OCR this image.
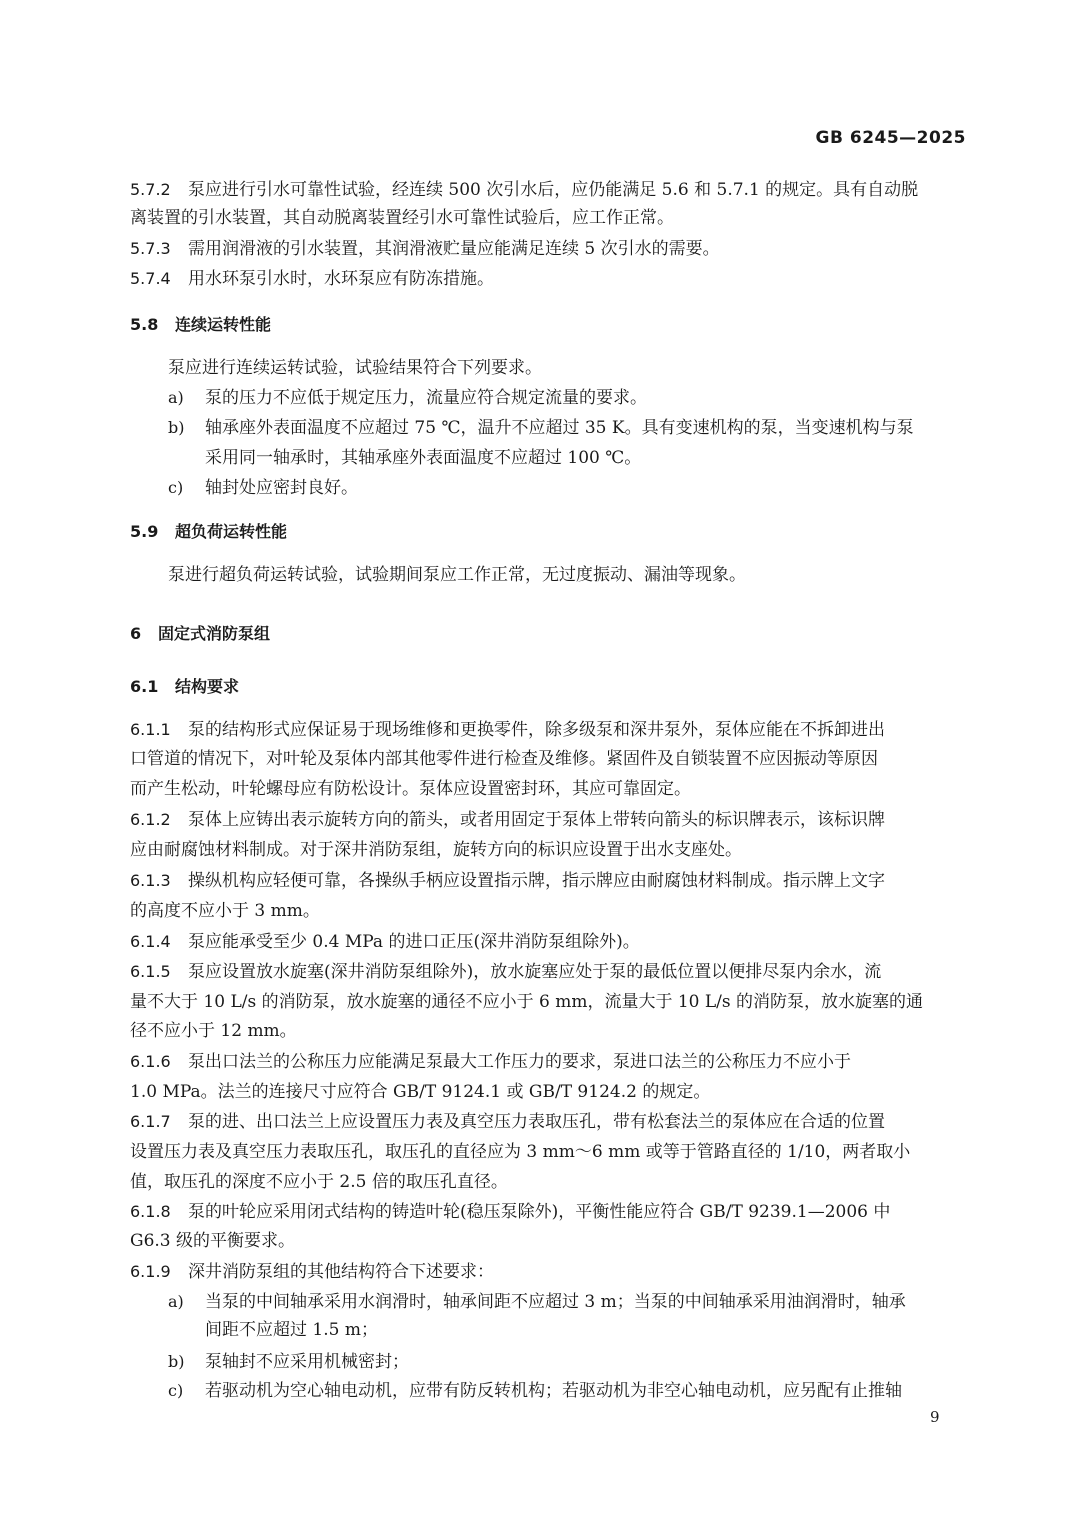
GB 6245—2025
5.7.2 泵应进行引水可靠性试验，经连续 500 次引水后，应仍能满足 5.6 和 5.7.1 的规定。具有自动脱
离装置的引水装置，其自动脱离装置经引水可靠性试验后，应工作正常。
5.7.3 需用润滑液的引水装置，其润滑液贮量应能满足连续 5 次引水的需要。
5.7.4 用水环泵引水时，水环泵应有防冻措施。
5.8 连续运转性能
泵应进行连续运转试验，试验结果符合下列要求。
a) 泵的压力不应低于规定压力，流量应符合规定流量的要求。
b) 轴承座外表面温度不应超过 75 ℃，温升不应超过 35 K。具有变速机构的泵，当变速机构与泵
采用同一轴承时，其轴承座外表面温度不应超过 100 ℃。
c) 轴封处应密封良好。
5.9 超负荷运转性能
泵进行超负荷运转试验，试验期间泵应工作正常，无过度振动、漏油等现象。
6 固定式消防泵组
6.1 结构要求
6.1.1 泵的结构形式应保证易于现场维修和更换零件，除多级泵和深井泵外，泵体应能在不拆卸进出
口管道的情况下，对叶轮及泵体内部其他零件进行检查及维修。紧固件及自锁装置不应因振动等原因
而产生松动，叶轮螺母应有防松设计。泵体应设置密封环，其应可靠固定。
6.1.2 泵体上应铸出表示旋转方向的箭头，或者用固定于泵体上带转向箭头的标识牌表示，该标识牌
应由耐腐蚀材料制成。对于深井消防泵组，旋转方向的标识应设置于出水支座处。
6.1.3 操纵机构应轻便可靠，各操纵手柄应设置指示牌，指示牌应由耐腐蚀材料制成。指示牌上文字
的高度不应小于 3 mm。
6.1.4 泵应能承受至少 0.4 MPa 的进口正压(深井消防泵组除外)。
6.1.5 泵应设置放水旋塞(深井消防泵组除外)，放水旋塞应处于泵的最低位置以便排尽泵内余水，流
量不大于 10 L/s 的消防泵，放水旋塞的通径不应小于 6 mm，流量大于 10 L/s 的消防泵，放水旋塞的通
径不应小于 12 mm。
6.1.6 泵出口法兰的公称压力应能满足泵最大工作压力的要求，泵进口法兰的公称压力不应小于
1.0 MPa。法兰的连接尺寸应符合 GB/T 9124.1 或 GB/T 9124.2 的规定。
6.1.7 泵的进、出口法兰上应设置压力表及真空压力表取压孔，带有松套法兰的泵体应在合适的位置
设置压力表及真空压力表取压孔，取压孔的直径应为 3 mm～6 mm 或等于管路直径的 1/10，两者取小
值，取压孔的深度不应小于 2.5 倍的取压孔直径。
6.1.8 泵的叶轮应采用闭式结构的铸造叶轮(稳压泵除外)，平衡性能应符合 GB/T 9239.1—2006 中
G6.3 级的平衡要求。
6.1.9 深井消防泵组的其他结构符合下述要求：
a) 当泵的中间轴承采用水润滑时，轴承间距不应超过 3 m；当泵的中间轴承采用油润滑时，轴承
间距不应超过 1.5 m；
b) 泵轴封不应采用机械密封；
c) 若驱动机为空心轴电动机，应带有防反转机构；若驱动机为非空心轴电动机，应另配有止推轴
9
